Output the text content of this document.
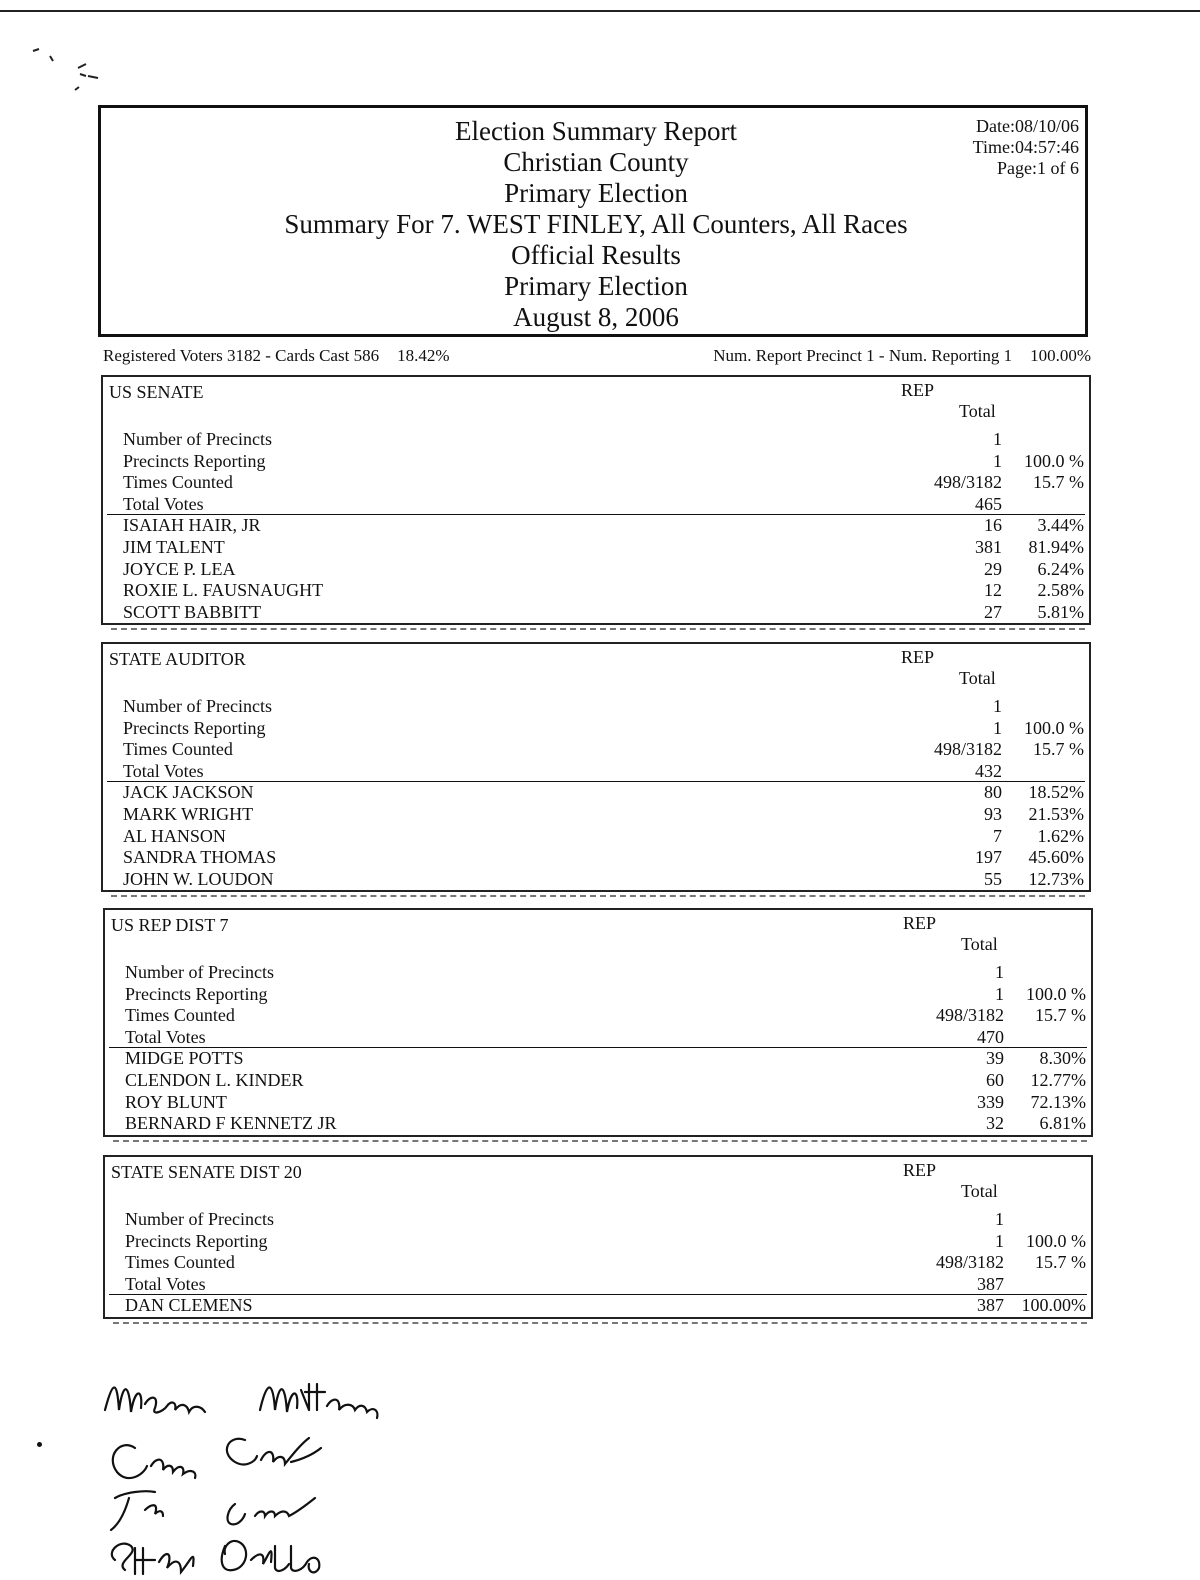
Election Summary Report
Christian County
Primary Election
Summary For 7. WEST FINLEY, All Counters, All Races
Official Results
Primary Election
August 8, 2006
Date:08/10/06
Time:04:57:46
Page:1 of 6
Registered Voters 3182 - Cards Cast 586 18.42%	Num. Report Precinct 1 - Num. Reporting 1 100.00%
US SENATE	REP
Total
Number of Precincts	1
Precincts Reporting	1 100.0 %
Times Counted	498/3182 15.7 %
Total Votes	465
ISAIAH HAIR, JR	16 3.44%
JIM TALENT	381 81.94%
JOYCE P. LEA	29 6.24%
ROXIE L. FAUSNAUGHT	12 2.58%
SCOTT BABBITT	27 5.81%
STATE AUDITOR	REP
Total
Number of Precincts	1
Precincts Reporting	1 100.0 %
Times Counted	498/3182 15.7 %
Total Votes	432
JACK JACKSON	80 18.52%
MARK WRIGHT	93 21.53%
AL HANSON	7 1.62%
SANDRA THOMAS	197 45.60%
JOHN W. LOUDON	55 12.73%
US REP DIST 7	REP
Total
Number of Precincts	1
Precincts Reporting	1 100.0 %
Times Counted	498/3182 15.7 %
Total Votes	470
MIDGE POTTS	39 8.30%
CLENDON L. KINDER	60 12.77%
ROY BLUNT	339 72.13%
BERNARD F KENNETZ JR	32 6.81%
STATE SENATE DIST 20	REP
Total
Number of Precincts	1
Precincts Reporting	1 100.0 %
Times Counted	498/3182 15.7 %
Total Votes	387
DAN CLEMENS	387 100.00%
